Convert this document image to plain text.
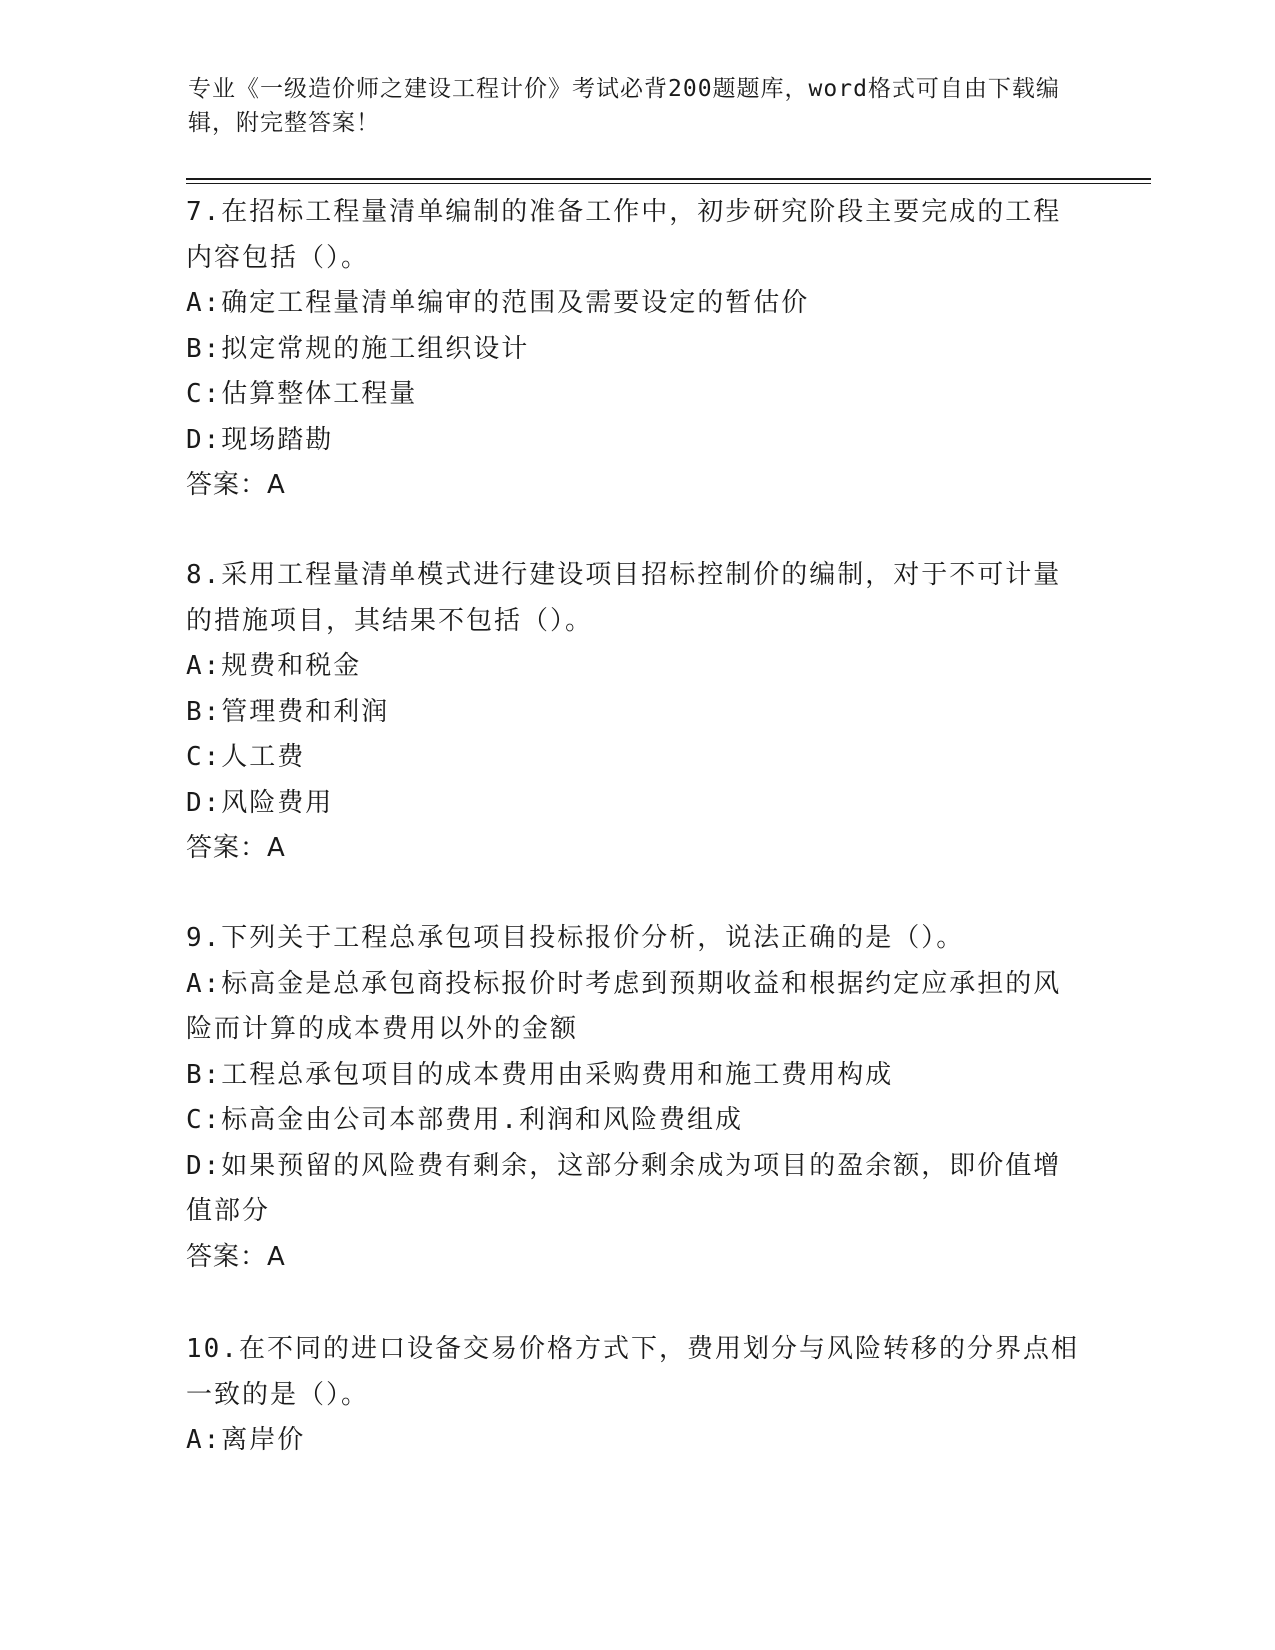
专业《一级造价师之建设工程计价》考试必背200题题库，word格式可自由下载编辑，附完整答案！

7.在招标工程量清单编制的准备工作中，初步研究阶段主要完成的工程内容包括（）。

A:确定工程量清单编审的范围及需要设定的暂估价

B:拟定常规的施工组织设计

C:估算整体工程量

D:现场踏勘

答案：A

8.采用工程量清单模式进行建设项目招标控制价的编制，对于不可计量的措施项目，其结果不包括（）。

A:规费和税金

B:管理费和利润

C:人工费

D:风险费用

答案：A

9.下列关于工程总承包项目投标报价分析，说法正确的是（）。

A:标高金是总承包商投标报价时考虑到预期收益和根据约定应承担的风险而计算的成本费用以外的金额

B:工程总承包项目的成本费用由采购费用和施工费用构成

C:标高金由公司本部费用.利润和风险费组成

D:如果预留的风险费有剩余，这部分剩余成为项目的盈余额，即价值增值部分

答案：A

10.在不同的进口设备交易价格方式下，费用划分与风险转移的分界点相一致的是（）。

A:离岸价
